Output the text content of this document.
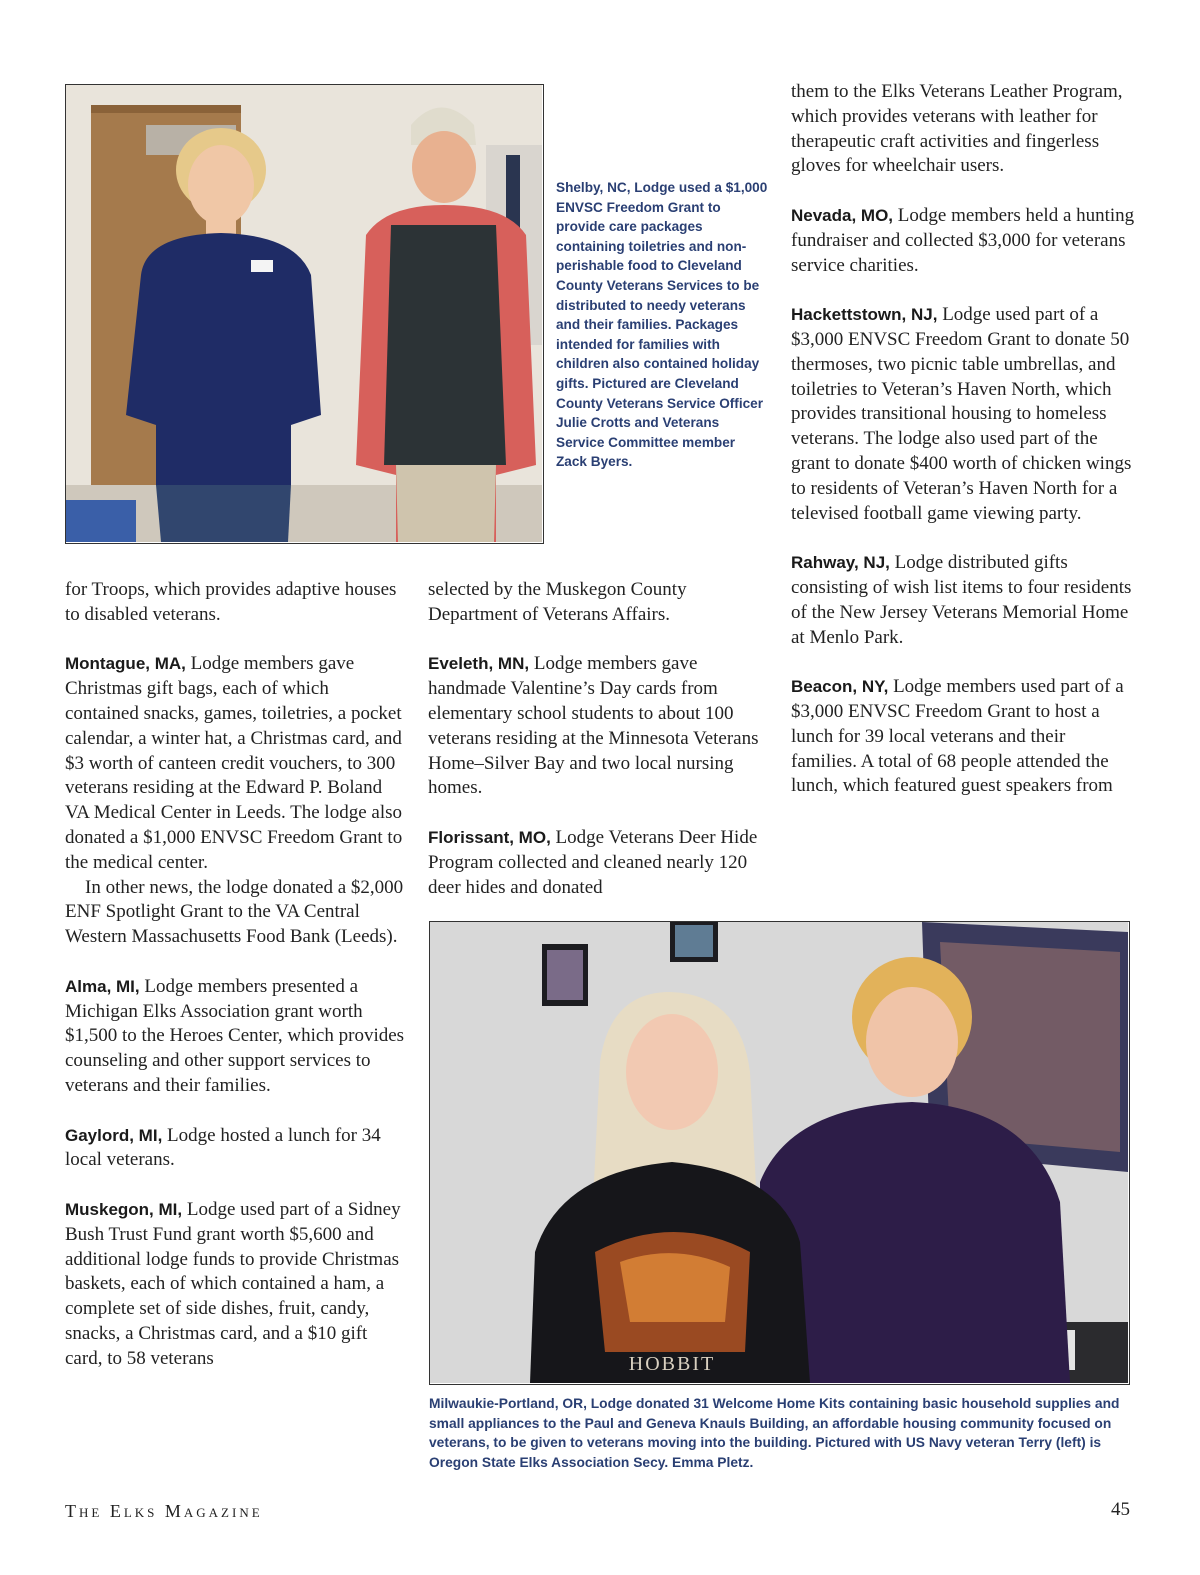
Shelby, NC, Lodge used a $1,000 ENVSC Freedom Grant to provide care packages containing toiletries and non-perishable food to Cleveland County Veterans Services to be distributed to needy veterans and their families. Packages intended for families with children also contained holiday gifts. Pictured are Cleveland County Veterans Service Officer Julie Crotts and Veterans Service Committee member Zack Byers.

them to the Elks Veterans Leather Program, which provides veterans with leather for therapeutic craft activities and fingerless gloves for wheelchair users.

Nevada, MO, Lodge members held a hunting fundraiser and collected $3,000 for veterans service charities.

Hackettstown, NJ, Lodge used part of a $3,000 ENVSC Freedom Grant to donate 50 thermoses, two picnic table umbrellas, and toiletries to Veteran’s Haven North, which provides transitional housing to homeless veterans. The lodge also used part of the grant to donate $400 worth of chicken wings to residents of Veteran’s Haven North for a televised football game viewing party.

Rahway, NJ, Lodge distributed gifts consisting of wish list items to four residents of the New Jersey Veterans Memorial Home at Menlo Park.

Beacon, NY, Lodge members used part of a $3,000 ENVSC Freedom Grant to host a lunch for 39 local veterans and their families. A total of 68 people attended the lunch, which featured guest speakers from

for Troops, which provides adaptive houses to disabled veterans.

Montague, MA, Lodge members gave Christmas gift bags, each of which contained snacks, games, toiletries, a pocket calendar, a winter hat, a Christmas card, and $3 worth of canteen credit vouchers, to 300 veterans residing at the Edward P. Boland VA Medical Center in Leeds. The lodge also donated a $1,000 ENVSC Freedom Grant to the medical center.

In other news, the lodge donated a $2,000 ENF Spotlight Grant to the VA Central Western Massachusetts Food Bank (Leeds).

Alma, MI, Lodge members presented a Michigan Elks Association grant worth $1,500 to the Heroes Center, which provides counseling and other support services to veterans and their families.

Gaylord, MI, Lodge hosted a lunch for 34 local veterans.

Muskegon, MI, Lodge used part of a Sidney Bush Trust Fund grant worth $5,600 and additional lodge funds to provide Christmas baskets, each of which contained a ham, a complete set of side dishes, fruit, candy, snacks, a Christmas card, and a $10 gift card, to 58 veterans

selected by the Muskegon County Department of Veterans Affairs.

Eveleth, MN, Lodge members gave handmade Valentine’s Day cards from elementary school students to about 100 veterans residing at the Minnesota Veterans Home–Silver Bay and two local nursing homes.

Florissant, MO, Lodge Veterans Deer Hide Program collected and cleaned nearly 120 deer hides and donated

HOBBIT
Milwaukie-Portland, OR, Lodge donated 31 Welcome Home Kits containing basic household supplies and small appliances to the Paul and Geneva Knauls Building, an affordable housing community focused on veterans, to be given to veterans moving into the building. Pictured with US Navy veteran Terry (left) is Oregon State Elks Association Secy. Emma Pletz.
The Elks Magazine	45
